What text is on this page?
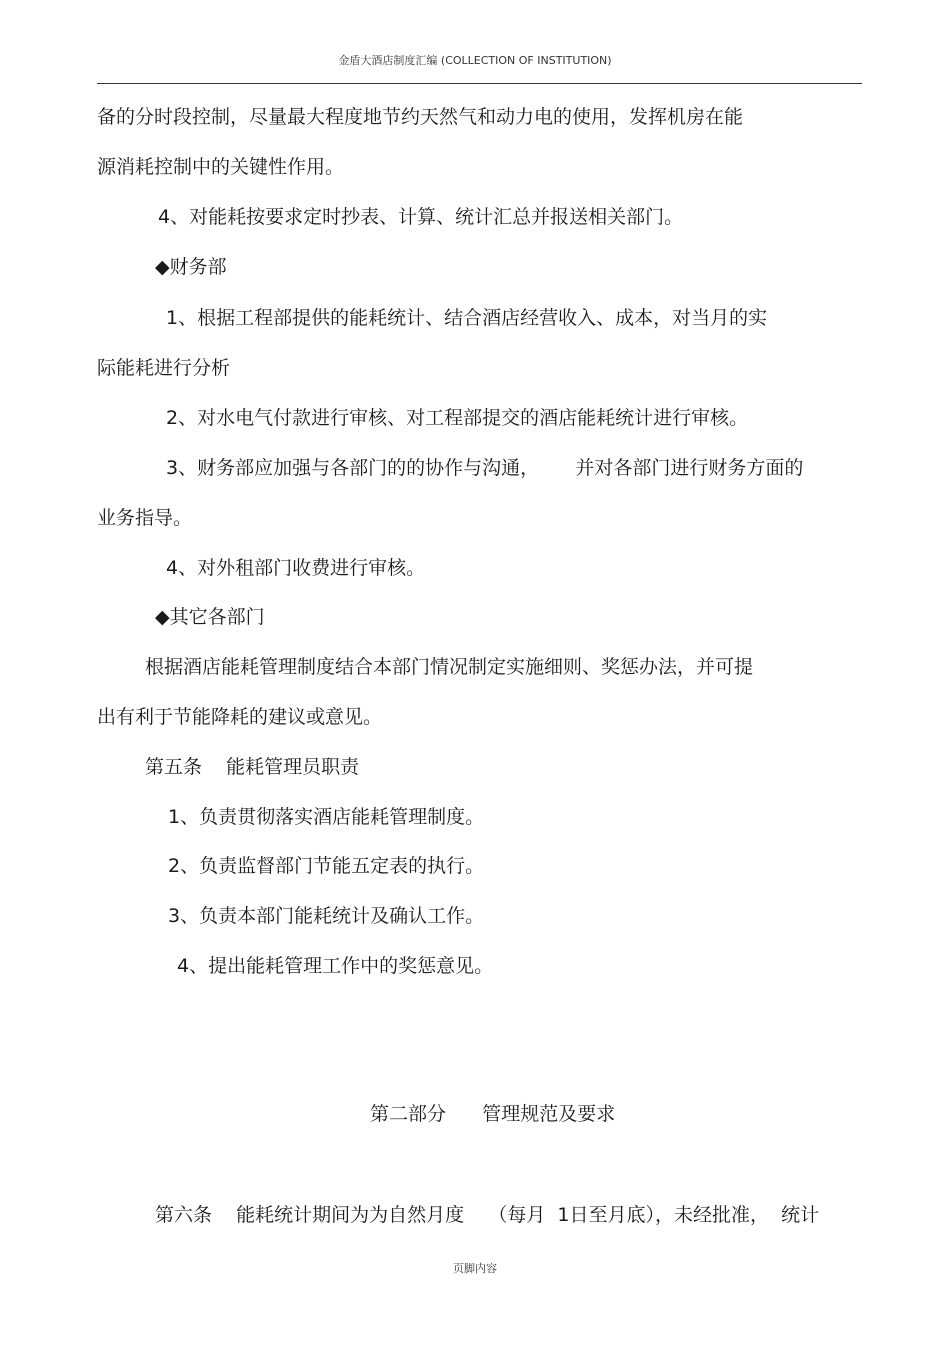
金盾大酒店制度汇编 (COLLECTION OF INSTITUTION)
备的分时段控制，尽量最大程度地节约天然气和动力电的使用，发挥机房在能
源消耗控制中的关键性作用。
4、对能耗按要求定时抄表、计算、统计汇总并报送相关部门。
◆财务部
1、根据工程部提供的能耗统计、结合酒店经营收入、成本，对当月的实
际能耗进行分析
2、对水电气付款进行审核、对工程部提交的酒店能耗统计进行审核。
3、财务部应加强与各部门的的协作与沟通，      并对各部门进行财务方面的
业务指导。
4、对外租部门收费进行审核。
◆其它各部门
根据酒店能耗管理制度结合本部门情况制定实施细则、奖惩办法，并可提
出有利于节能降耗的建议或意见。
第五条    能耗管理员职责
1、负责贯彻落实酒店能耗管理制度。
2、负责监督部门节能五定表的执行。
3、负责本部门能耗统计及确认工作。
4、提出能耗管理工作中的奖惩意见。
第二部分      管理规范及要求
第六条    能耗统计期间为为自然月度    （每月  1日至月底），未经批准，  统计
页脚内容
